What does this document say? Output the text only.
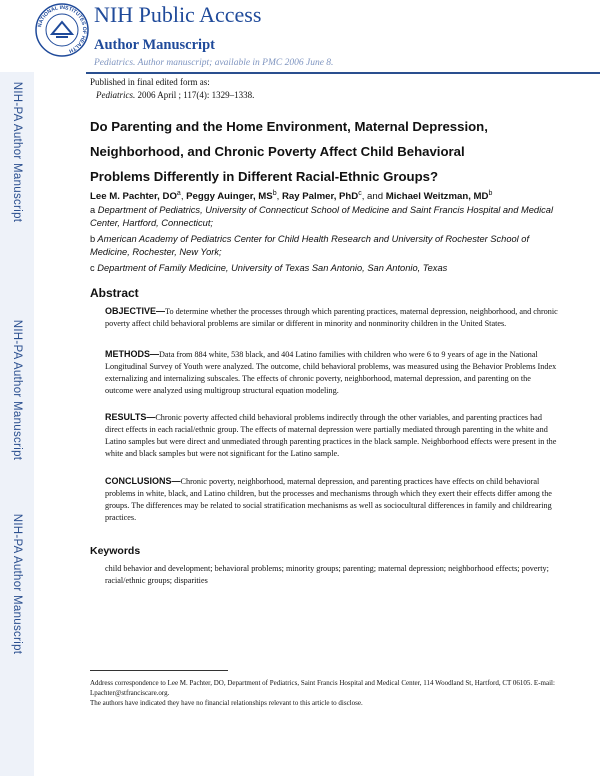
NIH-PA Author Manuscript
NIH-PA Author Manuscript
NIH-PA Author Manuscript
NATIONAL INSTITUTES OF HEALTH
NIH Public Access
Author Manuscript
Pediatrics. Author manuscript; available in PMC 2006 June 8.
Published in final edited form as:
Pediatrics. 2006 April ; 117(4): 1329–1338.
Do Parenting and the Home Environment, Maternal Depression,
Neighborhood, and Chronic Poverty Affect Child Behavioral
Problems Differently in Different Racial-Ethnic Groups?
Lee M. Pachter, $DO^a$, Peggy Auinger, $MS^b$, Ray Palmer, PhD$^c$, and Michael Weitzman, $MD^b$
a Department of Pediatrics, University of Connecticut School of Medicine and Saint Francis Hospital and Medical Center, Hartford, Connecticut;
b American Academy of Pediatrics Center for Child Health Research and University of Rochester School of Medicine, Rochester, New York;
c Department of Family Medicine, University of Texas San Antonio, San Antonio, Texas
Abstract
OBJECTIVE—To determine whether the processes through which parenting practices, maternal depression, neighborhood, and chronic poverty affect child behavioral problems are similar or different in minority and nonminority children in the United States.
METHODS—Data from 884 white, 538 black, and 404 Latino families with children who were 6 to 9 years of age in the National Longitudinal Survey of Youth were analyzed. The outcome, child behavioral problems, was measured using the Behavior Problems Index externalizing and internalizing subscales. The effects of chronic poverty, neighborhood, maternal depression, and parenting on the outcome were analyzed using multigroup structural equation modeling.
RESULTS—Chronic poverty affected child behavioral problems indirectly through the other variables, and parenting practices had direct effects in each racial/ethnic group. The effects of maternal depression were partially mediated through parenting in the white and Latino samples but were direct and unmediated through parenting practices in the black sample. Neighborhood effects were present in the white and black samples but were not significant for the Latino sample.
CONCLUSIONS—Chronic poverty, neighborhood, maternal depression, and parenting practices have effects on child behavioral problems in white, black, and Latino children, but the processes and mechanisms through which they exert their effects differ among the groups. The differences may be related to social stratification mechanisms as well as sociocultural differences in family and childrearing practices.
Keywords
child behavior and development; behavioral problems; minority groups; parenting; maternal depression; neighborhood effects; poverty; racial/ethnic groups; disparities
Address correspondence to Lee M. Pachter, DO, Department of Pediatrics, Saint Francis Hospital and Medical Center, 114 Woodland St, Hartford, CT 06105. E-mail: Lpachter@stfranciscare.org.
The authors have indicated they have no financial relationships relevant to this article to disclose.
